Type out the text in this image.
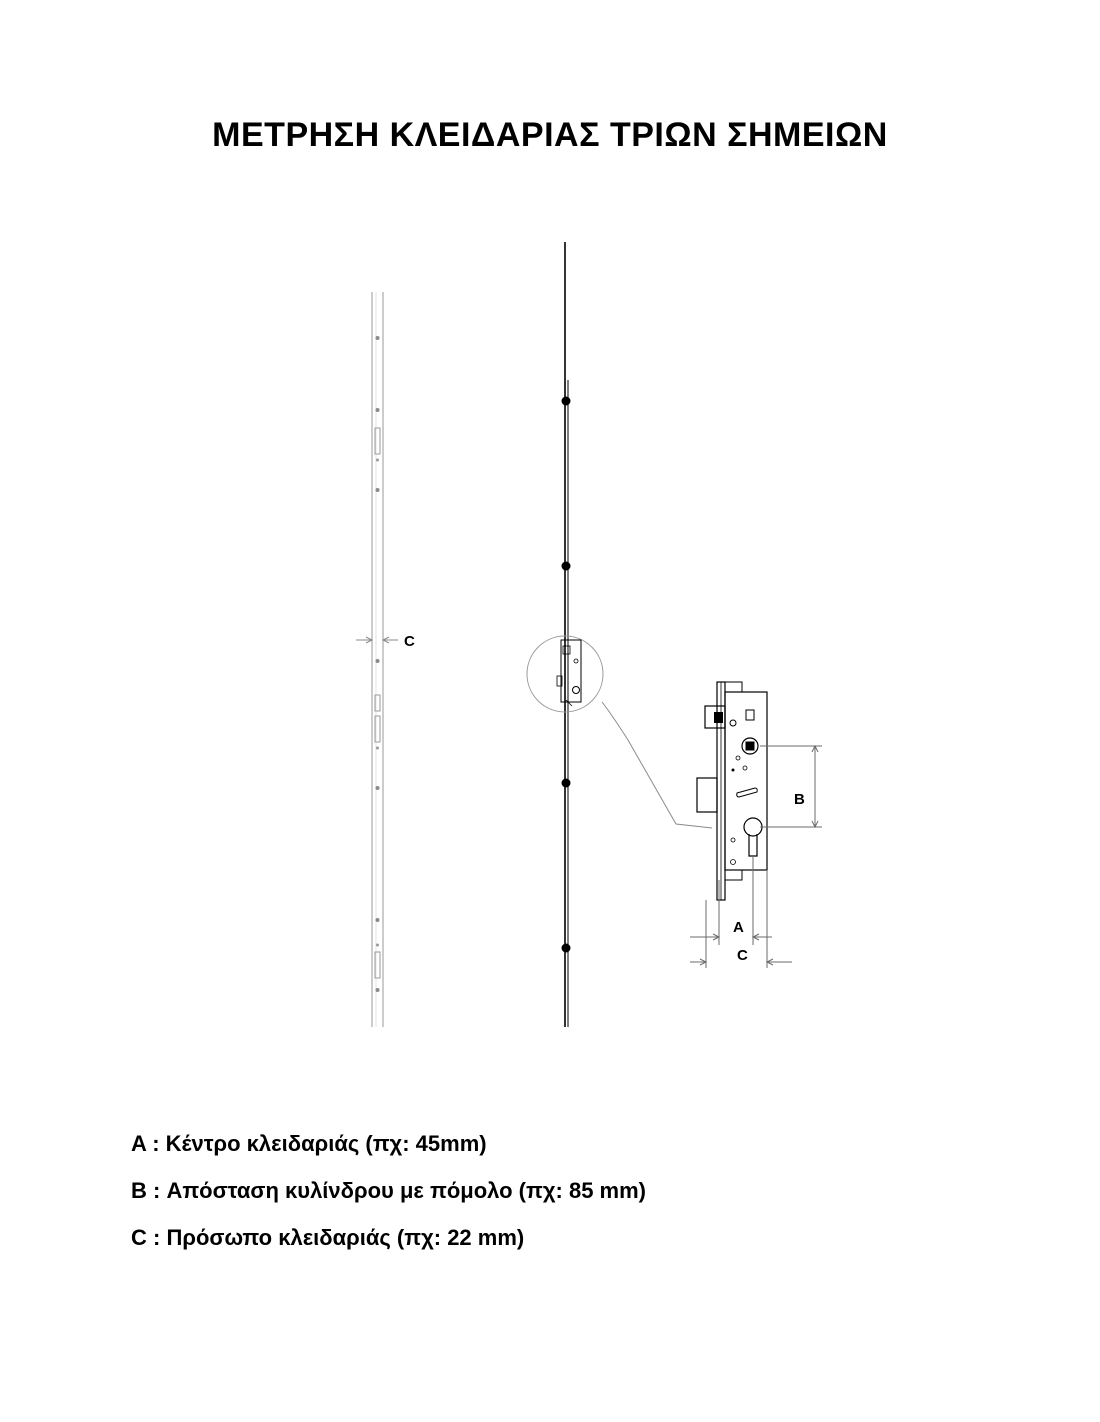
ΜΕΤΡΗΣΗ ΚΛΕΙΔΑΡΙΑΣ ΤΡΙΩΝ ΣΗΜΕΙΩΝ
C
B
A
C
A : Κέντρο κλειδαριάς (πχ: 45mm)
B : Απόσταση κυλίνδρου με πόμολο (πχ: 85 mm)
C : Πρόσωπο κλειδαριάς (πχ: 22 mm)
